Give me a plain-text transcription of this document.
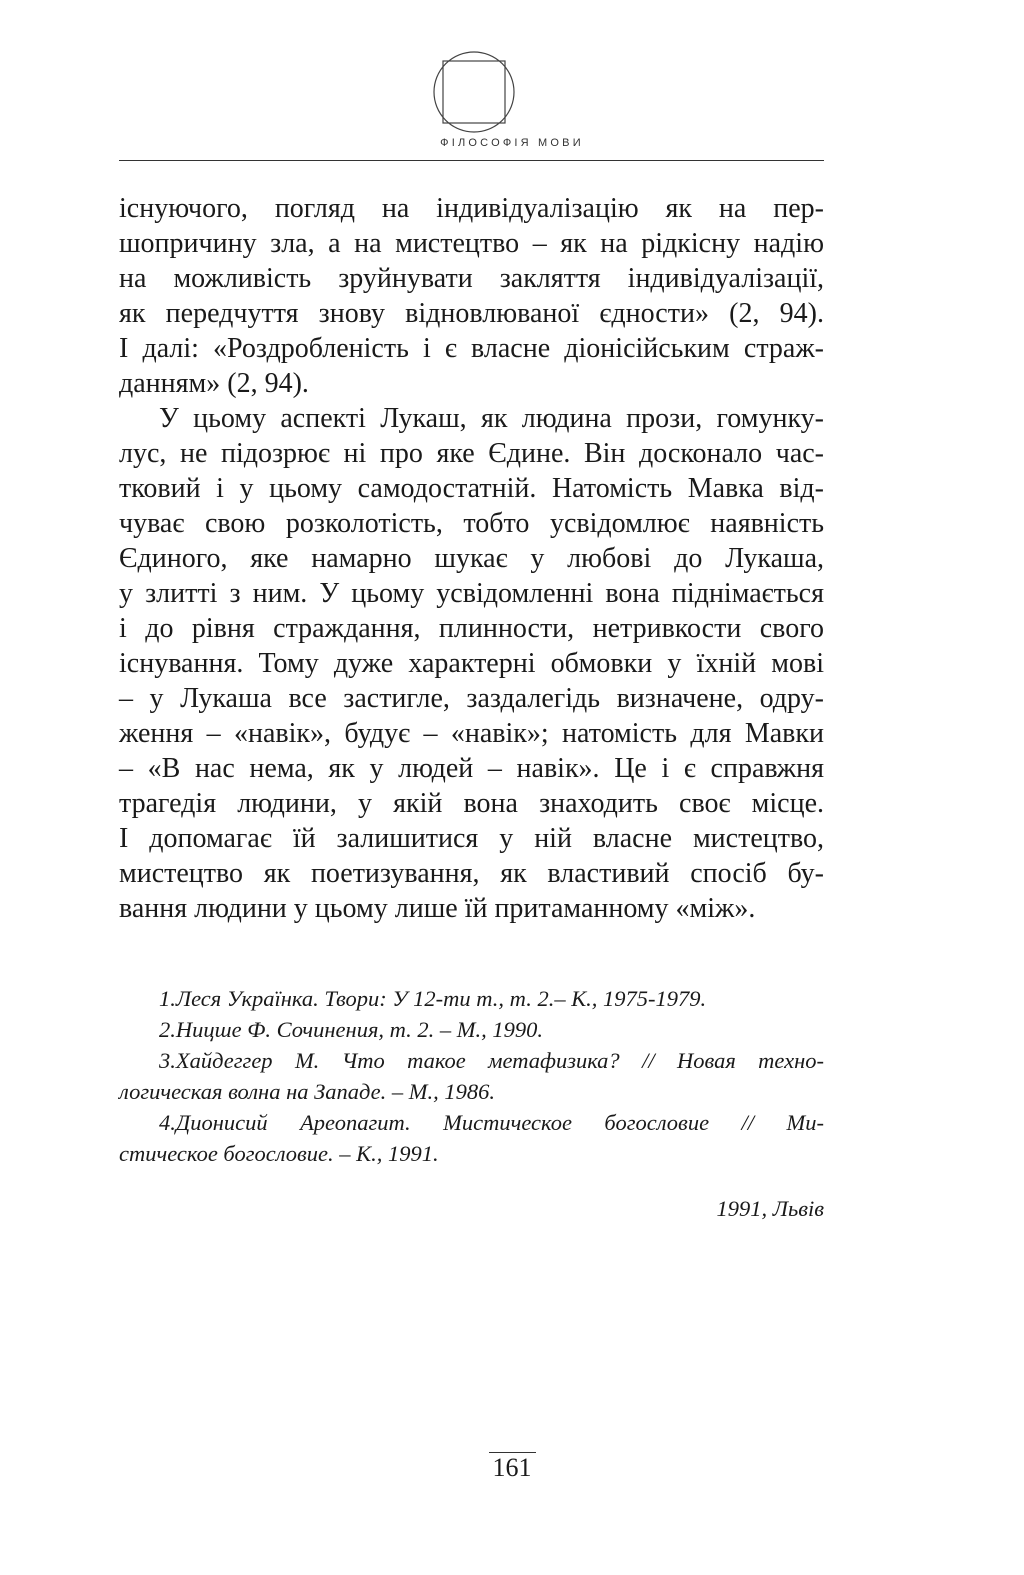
ФІЛОСОФІЯ МОВИ
існуючого, погляд на індивідуалізацію як на пер-
шопричину зла, а на мистецтво – як на рідкісну надію
на можливість зруйнувати закляття індивідуалізації,
як передчуття знову відновлюваної єдности» (2, 94).
І далі: «Роздробленість і є власне діонісійським страж-
данням» (2, 94).
У цьому аспекті Лукаш, як людина прози, гомунку-
лус, не підозрює ні про яке Єдине. Він досконало час-
тковий і у цьому самодостатній. Натомість Мавка від-
чуває свою розколотість, тобто усвідомлює наявність
Єдиного, яке намарно шукає у любові до Лукаша,
у злитті з ним. У цьому усвідомленні вона піднімається
і до рівня страждання, плинности, нетривкости свого
існування. Тому дуже характерні обмовки у їхній мові
– у Лукаша все застигле, заздалегідь визначене, одру-
ження – «навік», будує – «навік»; натомість для Мавки
– «В нас нема, як у людей – навік». Це і є справжня
трагедія людини, у якій вона знаходить своє місце.
І допомагає їй залишитися у ній власне мистецтво,
мистецтво як поетизування, як властивий спосіб бу-
вання людини у цьому лише їй притаманному «між».
1.Леся Українка. Твори: У 12-ти т., т. 2.– К., 1975-1979.
2.Ницше Ф. Сочинения, т. 2. – М., 1990.
3.Хайдеггер М. Что такое метафизика? // Новая техно-
логическая волна на Западе. – М., 1986.
4.Дионисий Ареопагит. Мистическое богословие // Ми-
стическое богословие. – К., 1991.
1991, Львів
161
